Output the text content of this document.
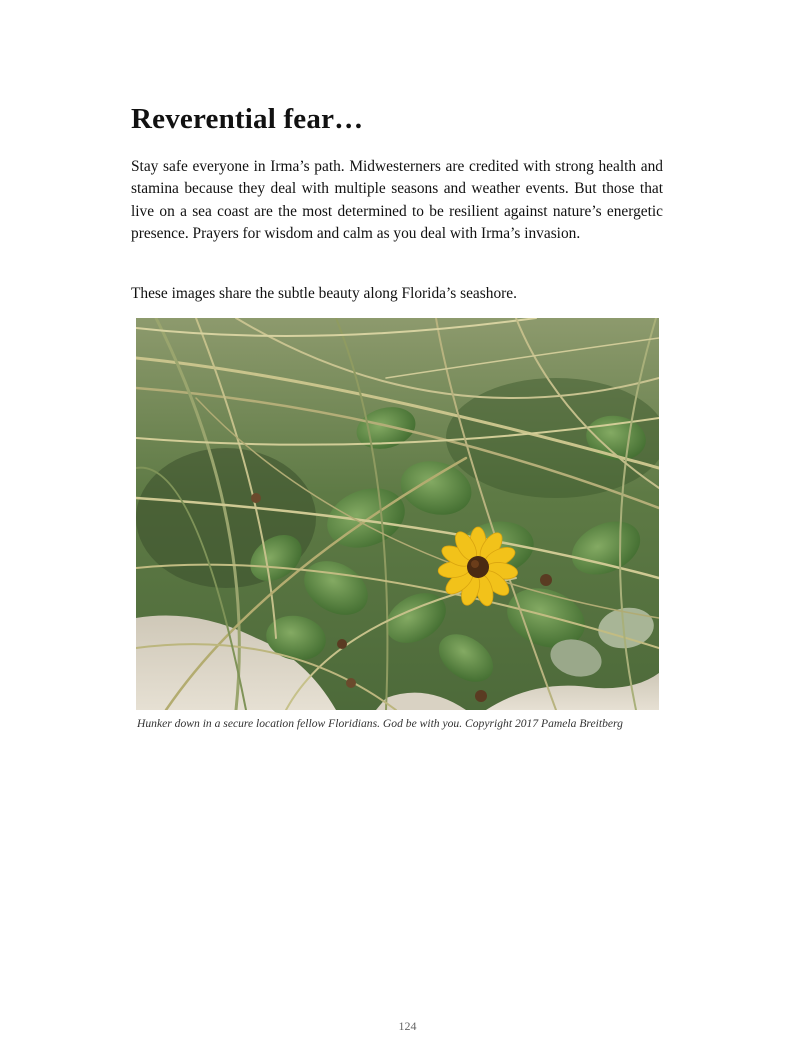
Reverential fear…

Stay safe everyone in Irma’s path. Midwesterners are credited with strong health and stamina because they deal with multiple seasons and weather events. But those that live on a sea coast are the most determined to be resilient against nature’s energetic presence. Prayers for wisdom and calm as you deal with Irma’s invasion.

These images share the subtle beauty along Florida’s seashore.

Hunker down in a secure location fellow Floridians. God be with you. Copyright 2017 Pamela Breitberg

124
